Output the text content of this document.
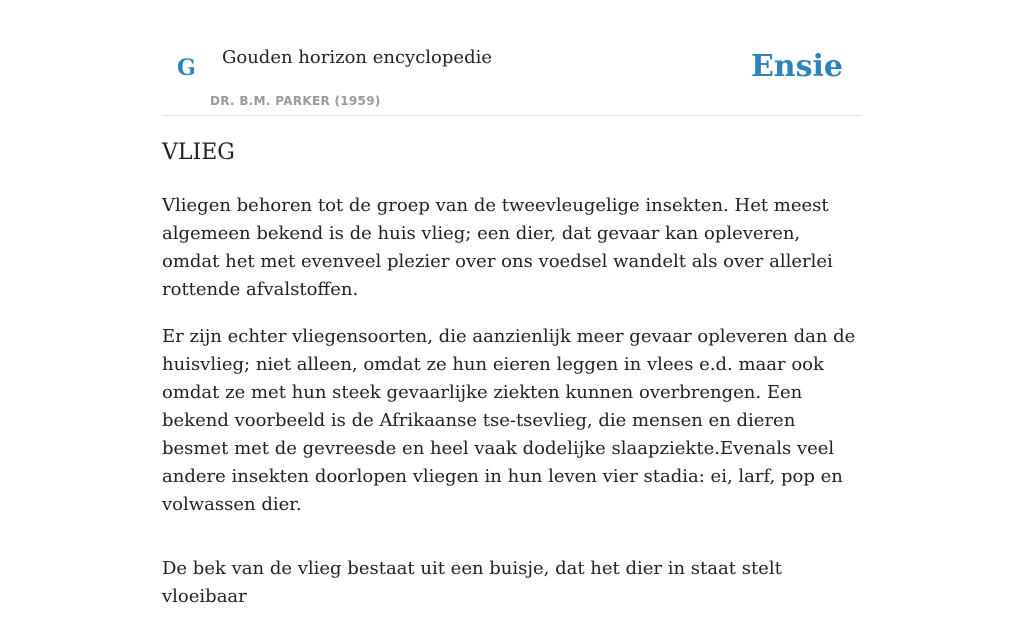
G Gouden horizon encyclopedie
DR. B.M. PARKER (1959)
Ensie
VLIEG

Vliegen behoren tot de groep van de tweevleugelige insekten. Het meest algemeen bekend is de huis vlieg; een dier, dat gevaar kan opleveren, omdat het met evenveel plezier over ons voedsel wandelt als over allerlei rottende afvalstoffen.

Er zijn echter vliegensoorten, die aanzienlijk meer gevaar opleveren dan de huisvlieg; niet alleen, omdat ze hun eieren leggen in vlees e.d. maar ook omdat ze met hun steek gevaarlijke ziekten kunnen overbrengen. Een bekend voorbeeld is de Afrikaanse tse-tsevlieg, die mensen en dieren besmet met de gevreesde en heel vaak dodelijke slaapziekte.Evenals veel andere insekten doorlopen vliegen in hun leven vier stadia: ei, larf, pop en volwassen dier.

De bek van de vlieg bestaat uit een buisje, dat het dier in staat stelt vloeibaar
